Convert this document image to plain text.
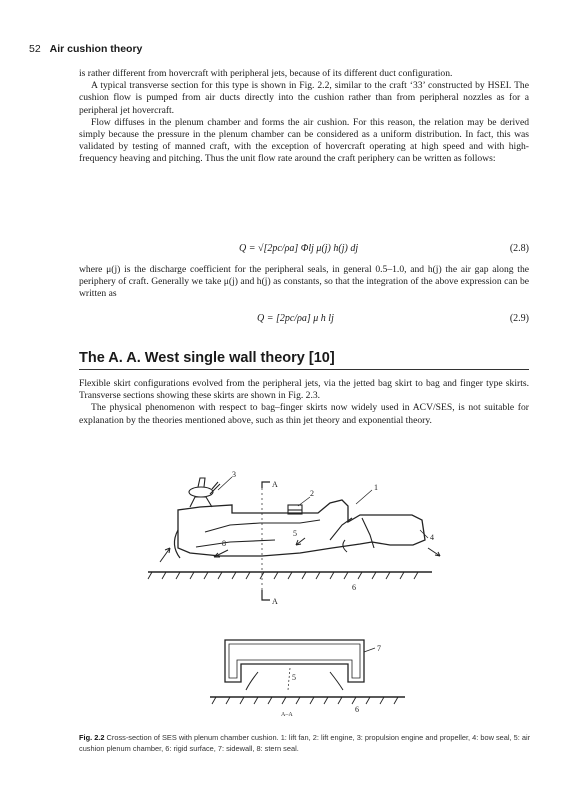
52 Air cushion theory

is rather different from hovercraft with peripheral jets, because of its different duct configuration.

A typical transverse section for this type is shown in Fig. 2.2, similar to the craft ‘33’ constructed by HSEI. The cushion flow is pumped from air ducts directly into the cushion rather than from peripheral nozzles as for a peripheral jet hovercraft.

Flow diffuses in the plenum chamber and forms the air cushion. For this reason, the relation may be derived simply because the pressure in the plenum chamber can be considered as a uniform distribution. In fact, this was validated by testing of manned craft, with the exception of hovercraft operating at high speed and with high-frequency heaving and pitching. Thus the unit flow rate around the craft periphery can be written as follows:

Q = √[2pc/ρa] Φlj μ(j) h(j) dj	(2.8)

where μ(j) is the discharge coefficient for the peripheral seals, in general 0.5–1.0, and h(j) the air gap along the periphery of craft. Generally we take μ(j) and h(j) as constants, so that the integration of the above expression can be written as

Q = [2pc/ρa] μ h lj	(2.9)
The A. A. West single wall theory [10]

Flexible skirt configurations evolved from the peripheral jets, via the jetted bag skirt to bag and finger type skirts. Transverse sections showing these skirts are shown in Fig. 2.3.

The physical phenomenon with respect to bag–finger skirts now widely used in ACV/SES, is not suitable for explanation by the theories mentioned above, such as thin jet theory and exponential theory.

1
2
3
4
5
6
8
A
A
7
5
6
A–A
Fig. 2.2 Cross-section of SES with plenum chamber cushion. 1: lift fan, 2: lift engine, 3: propulsion engine and propeller, 4: bow seal, 5: air cushion plenum chamber, 6: rigid surface, 7: sidewall, 8: stern seal.
